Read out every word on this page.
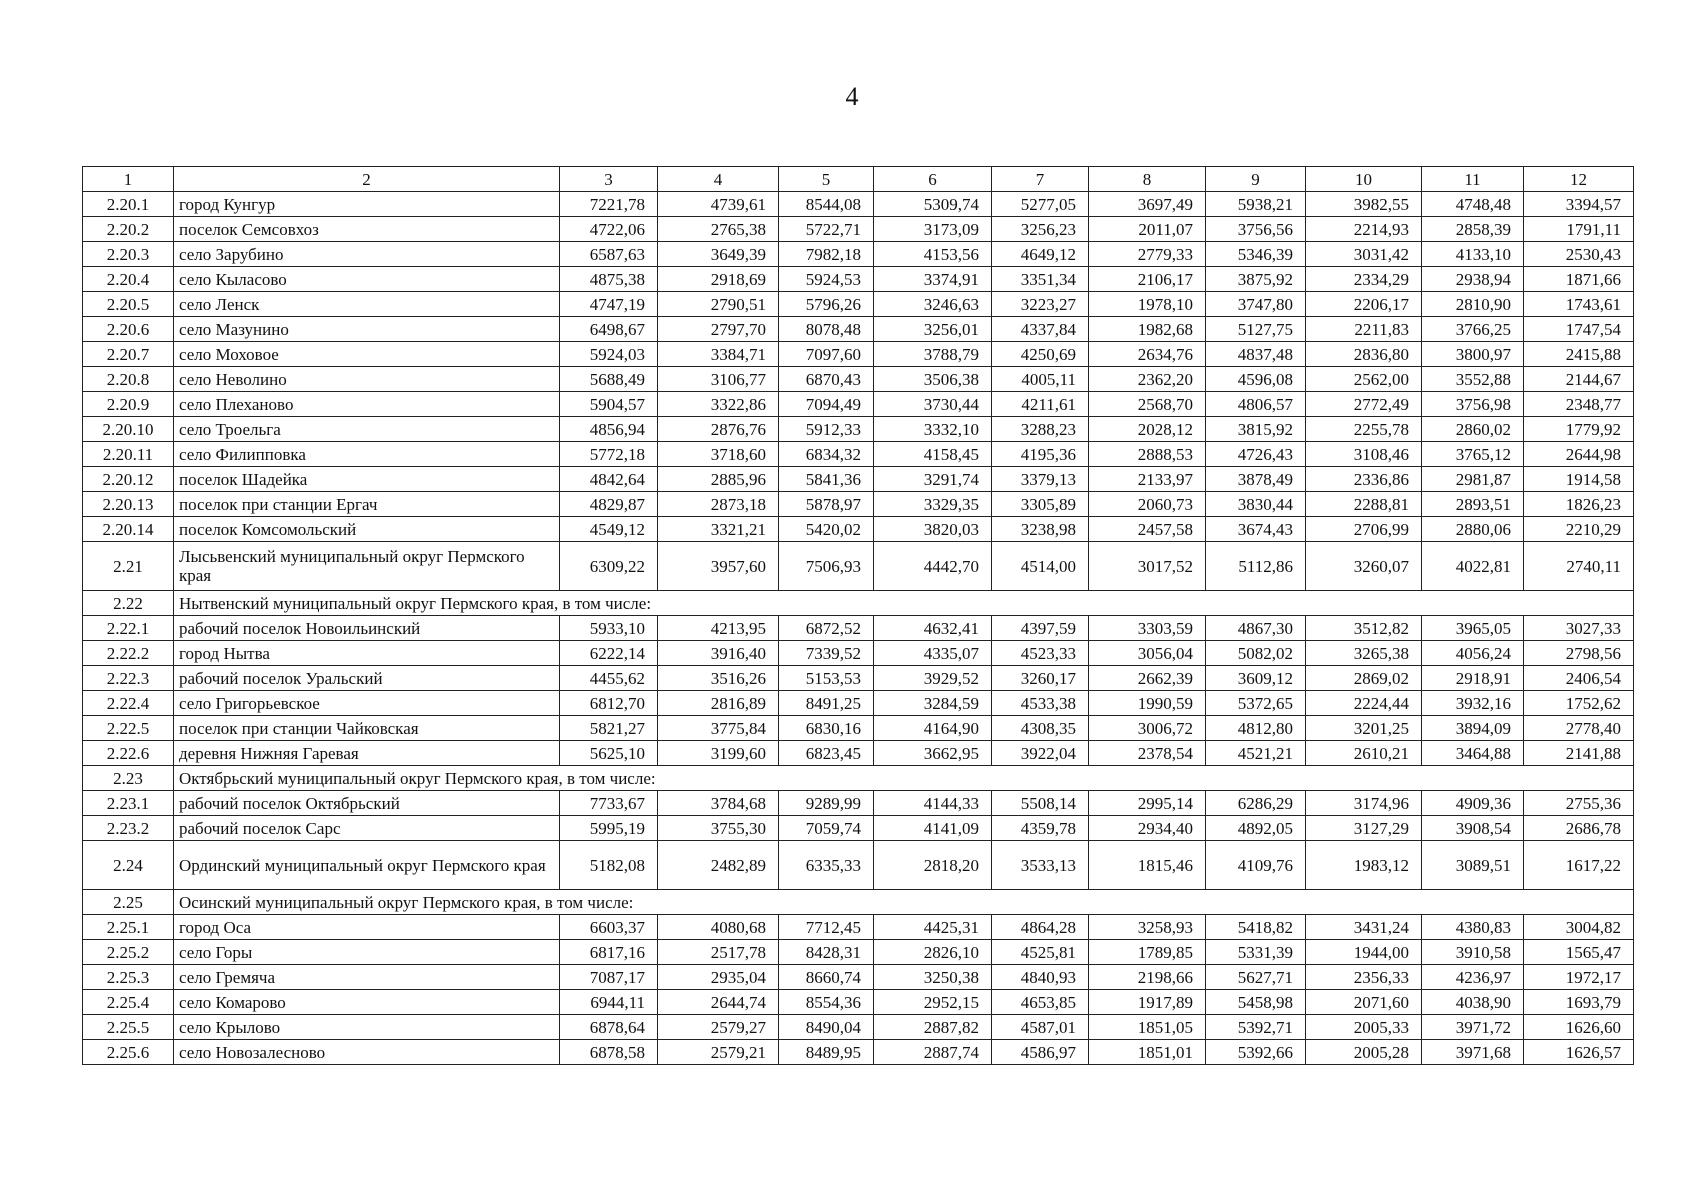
4
1	2	3	4	5	6	7	8	9	10	11	12
2.20.1	город Кунгур	7221,78	4739,61	8544,08	5309,74	5277,05	3697,49	5938,21	3982,55	4748,48	3394,57
2.20.2	поселок Семсовхоз	4722,06	2765,38	5722,71	3173,09	3256,23	2011,07	3756,56	2214,93	2858,39	1791,11
2.20.3	село Зарубино	6587,63	3649,39	7982,18	4153,56	4649,12	2779,33	5346,39	3031,42	4133,10	2530,43
2.20.4	село Кыласово	4875,38	2918,69	5924,53	3374,91	3351,34	2106,17	3875,92	2334,29	2938,94	1871,66
2.20.5	село Ленск	4747,19	2790,51	5796,26	3246,63	3223,27	1978,10	3747,80	2206,17	2810,90	1743,61
2.20.6	село Мазунино	6498,67	2797,70	8078,48	3256,01	4337,84	1982,68	5127,75	2211,83	3766,25	1747,54
2.20.7	село Моховое	5924,03	3384,71	7097,60	3788,79	4250,69	2634,76	4837,48	2836,80	3800,97	2415,88
2.20.8	село Неволино	5688,49	3106,77	6870,43	3506,38	4005,11	2362,20	4596,08	2562,00	3552,88	2144,67
2.20.9	село Плеханово	5904,57	3322,86	7094,49	3730,44	4211,61	2568,70	4806,57	2772,49	3756,98	2348,77
2.20.10	село Троельга	4856,94	2876,76	5912,33	3332,10	3288,23	2028,12	3815,92	2255,78	2860,02	1779,92
2.20.11	село Филипповка	5772,18	3718,60	6834,32	4158,45	4195,36	2888,53	4726,43	3108,46	3765,12	2644,98
2.20.12	поселок Шадейка	4842,64	2885,96	5841,36	3291,74	3379,13	2133,97	3878,49	2336,86	2981,87	1914,58
2.20.13	поселок при станции Ергач	4829,87	2873,18	5878,97	3329,35	3305,89	2060,73	3830,44	2288,81	2893,51	1826,23
2.20.14	поселок Комсомольский	4549,12	3321,21	5420,02	3820,03	3238,98	2457,58	3674,43	2706,99	2880,06	2210,29
2.21	Лысьвенский муниципальный округ Пермского края	6309,22	3957,60	7506,93	4442,70	4514,00	3017,52	5112,86	3260,07	4022,81	2740,11
2.22	Нытвенский муниципальный округ Пермского края, в том числе:										
2.22.1	рабочий поселок Новоильинский	5933,10	4213,95	6872,52	4632,41	4397,59	3303,59	4867,30	3512,82	3965,05	3027,33
2.22.2	город Нытва	6222,14	3916,40	7339,52	4335,07	4523,33	3056,04	5082,02	3265,38	4056,24	2798,56
2.22.3	рабочий поселок Уральский	4455,62	3516,26	5153,53	3929,52	3260,17	2662,39	3609,12	2869,02	2918,91	2406,54
2.22.4	село Григорьевское	6812,70	2816,89	8491,25	3284,59	4533,38	1990,59	5372,65	2224,44	3932,16	1752,62
2.22.5	поселок при станции Чайковская	5821,27	3775,84	6830,16	4164,90	4308,35	3006,72	4812,80	3201,25	3894,09	2778,40
2.22.6	деревня Нижняя Гаревая	5625,10	3199,60	6823,45	3662,95	3922,04	2378,54	4521,21	2610,21	3464,88	2141,88
2.23	Октябрьский муниципальный округ Пермского края, в том числе:										
2.23.1	рабочий поселок Октябрьский	7733,67	3784,68	9289,99	4144,33	5508,14	2995,14	6286,29	3174,96	4909,36	2755,36
2.23.2	рабочий поселок Сарс	5995,19	3755,30	7059,74	4141,09	4359,78	2934,40	4892,05	3127,29	3908,54	2686,78
2.24	Ординский муниципальный округ Пермского края	5182,08	2482,89	6335,33	2818,20	3533,13	1815,46	4109,76	1983,12	3089,51	1617,22
2.25	Осинский муниципальный округ Пермского края, в том числе:										
2.25.1	город Оса	6603,37	4080,68	7712,45	4425,31	4864,28	3258,93	5418,82	3431,24	4380,83	3004,82
2.25.2	село Горы	6817,16	2517,78	8428,31	2826,10	4525,81	1789,85	5331,39	1944,00	3910,58	1565,47
2.25.3	село Гремяча	7087,17	2935,04	8660,74	3250,38	4840,93	2198,66	5627,71	2356,33	4236,97	1972,17
2.25.4	село Комарово	6944,11	2644,74	8554,36	2952,15	4653,85	1917,89	5458,98	2071,60	4038,90	1693,79
2.25.5	село Крылово	6878,64	2579,27	8490,04	2887,82	4587,01	1851,05	5392,71	2005,33	3971,72	1626,60
2.25.6	село Новозалесново	6878,58	2579,21	8489,95	2887,74	4586,97	1851,01	5392,66	2005,28	3971,68	1626,57
